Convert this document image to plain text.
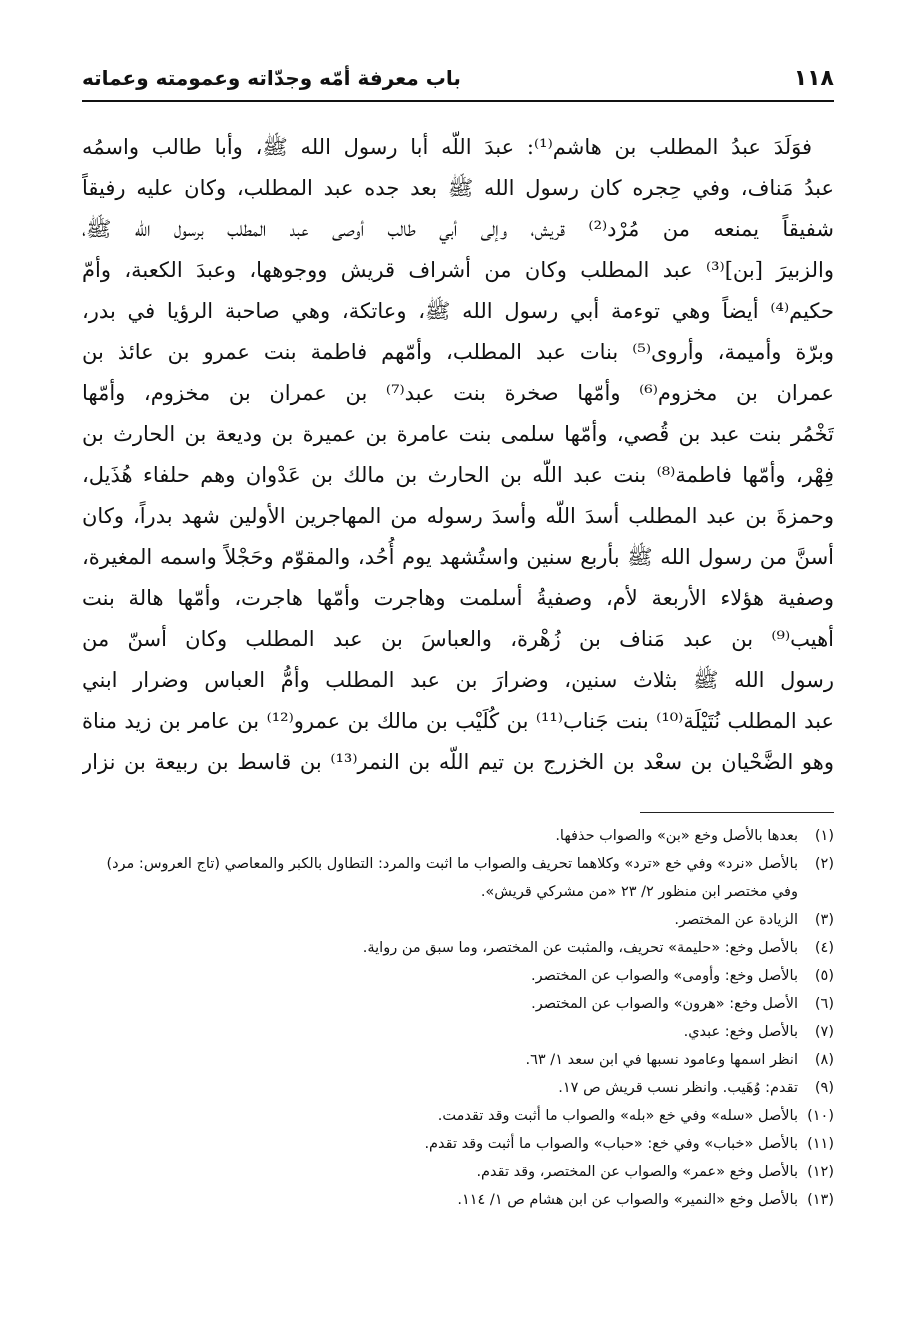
باب معرفة أمّه وجدّاته وعمومته وعماته	١١٨
فوَلَدَ عبدُ المطلب بن هاشم⁽¹⁾: عبدَ اللّه أبا رسول الله ﷺ، وأبا طالب واسمُه
عبدُ مَناف، وفي حِجره كان رسول الله ﷺ بعد جده عبد المطلب، وكان عليه رفيقاً
شفيقاً يمنعه من مُرْد⁽²⁾ قريش، وإلى أبي طالب أوصى عبد المطلب برسول الله ﷺ،
والزبيرَ [بن]⁽³⁾ عبد المطلب وكان من أشراف قريش ووجوهها، وعبدَ الكعبة، وأمّ
حكيم⁽⁴⁾ أيضاً وهي توءمة أبي رسول الله ﷺ، وعاتكة، وهي صاحبة الرؤيا في بدر،
وبرّة وأميمة، وأروى⁽⁵⁾ بنات عبد المطلب، وأمّهم فاطمة بنت عمرو بن عائذ بن
عمران بن مخزوم⁽⁶⁾ وأمّها صخرة بنت عبد⁽⁷⁾ بن عمران بن مخزوم، وأمّها
تَخْمُر بنت عبد بن قُصي، وأمّها سلمى بنت عامرة بن عميرة بن وديعة بن الحارث بن
فِهْر، وأمّها فاطمة⁽⁸⁾ بنت عبد اللّه بن الحارث بن مالك بن عَدْوان وهم حلفاء هُذَيل،
وحمزةَ بن عبد المطلب أسدَ اللّه وأسدَ رسوله من المهاجرين الأولين شهد بدراً، وكان
أسنَّ من رسول الله ﷺ بأربع سنين واستُشهد يوم أُحُد، والمقوّم وحَجْلاً واسمه المغيرة،
وصفية هؤلاء الأربعة لأم، وصفيةُ أسلمت وهاجرت وأمّها هاجرت، وأمّها هالة بنت
أهيب⁽⁹⁾ بن عبد مَناف بن زُهْرة، والعباسَ بن عبد المطلب وكان أسنّ من
رسول الله ﷺ بثلاث سنين، وضرارَ بن عبد المطلب وأمُّ العباس وضرار ابني
عبد المطلب نُتَيْلَة⁽¹⁰⁾ بنت جَناب⁽¹¹⁾ بن كُلَيْب بن مالك بن عمرو⁽¹²⁾ بن عامر بن زيد مناة
وهو الضَّحْيان بن سعْد بن الخزرج بن تيم اللّه بن النمر⁽¹³⁾ بن قاسط بن ربيعة بن نزار
(١)
بعدها بالأصل وخع «بن» والصواب حذفها.
(٢)
بالأصل «نرد» وفي خع «ترد» وكلاهما تحريف والصواب ما اثبت والمرد: التطاول بالكبر والمعاصي (تاج العروس: مرد) وفي مختصر ابن منظور ٢/ ٢٣ «من مشركي قريش».
(٣)
الزيادة عن المختصر.
(٤)
بالأصل وخع: «حليمة» تحريف، والمثبت عن المختصر، وما سبق من رواية.
(٥)
بالأصل وخع: وأومى» والصواب عن المختصر.
(٦)
الأصل وخع: «هرون» والصواب عن المختصر.
(٧)
بالأصل وخع: عبدي.
(٨)
انظر اسمها وعامود نسبها في ابن سعد ١/ ٦٣.
(٩)
تقدم: وُهَيب. وانظر نسب قريش ص ١٧.
(١٠)
بالأصل «سله» وفي خع «بله» والصواب ما أثبت وقد تقدمت.
(١١)
بالأصل «خباب» وفي خع: «حباب» والصواب ما أثبت وقد تقدم.
(١٢)
بالأصل وخع «عمر» والصواب عن المختصر، وقد تقدم.
(١٣)
بالأصل وخع «النمير» والصواب عن ابن هشام ص ١/ ١١٤.
